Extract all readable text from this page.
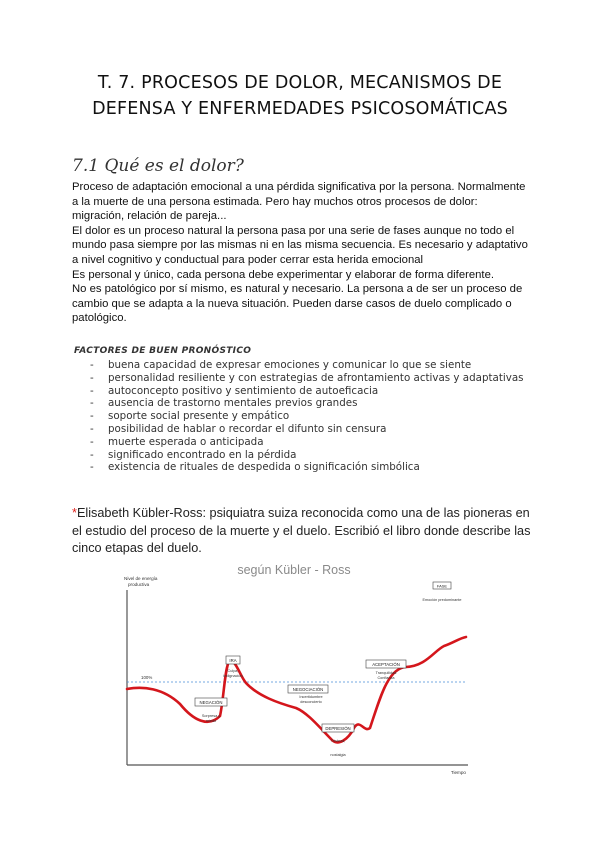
T. 7. PROCESOS DE DOLOR, MECANISMOS DE
DEFENSA Y ENFERMEDADES PSICOSOMÁTICAS
7.1 Qué es el dolor?

Proceso de adaptación emocional a una pérdida significativa por la persona. Normalmente a la muerte de una persona estimada. Pero hay muchos otros procesos de dolor: migración, relación de pareja...

El dolor es un proceso natural la persona pasa por una serie de fases aunque no todo el mundo pasa siempre por las mismas ni en las misma secuencia. Es necesario y adaptativo a nivel cognitivo y conductual para poder cerrar esta herida emocional

Es personal y único, cada persona debe experimentar y elaborar de forma diferente.

No es patológico por sí mismo, es natural y necesario. La persona a de ser un proceso de cambio que se adapta a la nueva situación. Pueden darse casos de duelo complicado o patológico.

FACTORES DE BUEN PRONÓSTICO
- buena capacidad de expresar emociones y comunicar lo que se siente
- personalidad resiliente y con estrategias de afrontamiento activas y adaptativas
- autoconcepto positivo y sentimiento de autoeficacia
- ausencia de trastorno mentales previos grandes
- soporte social presente y empático
- posibilidad de hablar o recordar el difunto sin censura
- muerte esperada o anticipada
- significado encontrado en la pérdida
- existencia de rituales de despedida o significación simbólica
*Elisabeth Kübler-Ross: psiquiatra suiza reconocida como una de las pioneras en el estudio del proceso de la muerte y el duelo. Escribió el libro donde describe las cinco etapas del duelo.
según Kübler - Ross
Nivel de energía
productiva
Tiempo
100%
NEGACIÓN
Sorpresa y
miedo
IRA
Culpa,
indignación
NEGOCIACIÓN
Incertidumbre
desconcierto
DEPRESIÓN
Tristeza,
nostalgia
ACEPTACIÓN
Tranquilidad
Confianza
FASE
Emoción predominante
